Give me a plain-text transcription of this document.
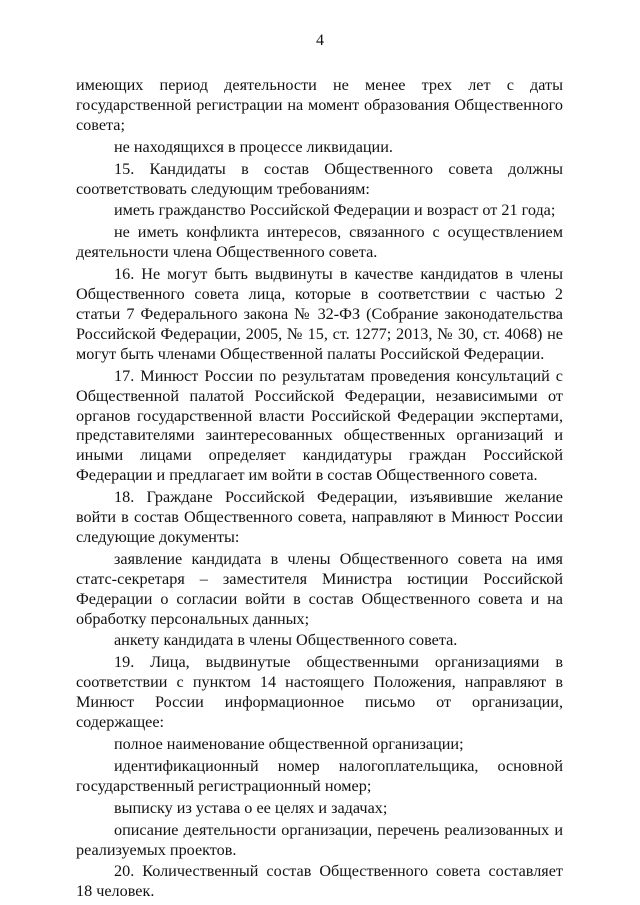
4

имеющих период деятельности не менее трех лет с даты государственной регистрации на момент образования Общественного совета;

не находящихся в процессе ликвидации.

15. Кандидаты в состав Общественного совета должны соответствовать следующим требованиям:

иметь гражданство Российской Федерации и возраст от 21 года;

не иметь конфликта интересов, связанного с осуществлением деятельности члена Общественного совета.

16. Не могут быть выдвинуты в качестве кандидатов в члены Общественного совета лица, которые в соответствии с частью 2 статьи 7 Федерального закона № 32-ФЗ (Собрание законодательства Российской Федерации, 2005, № 15, ст. 1277; 2013, № 30, ст. 4068) не могут быть членами Общественной палаты Российской Федерации.

17. Минюст России по результатам проведения консультаций с Общественной палатой Российской Федерации, независимыми от органов государственной власти Российской Федерации экспертами, представителями заинтересованных общественных организаций и иными лицами определяет кандидатуры граждан Российской Федерации и предлагает им войти в состав Общественного совета.

18. Граждане Российской Федерации, изъявившие желание войти в состав Общественного совета, направляют в Минюст России следующие документы:

заявление кандидата в члены Общественного совета на имя статс-секретаря – заместителя Министра юстиции Российской Федерации о согласии войти в состав Общественного совета и на обработку персональных данных;

анкету кандидата в члены Общественного совета.

19. Лица, выдвинутые общественными организациями в соответствии с пунктом 14 настоящего Положения, направляют в Минюст России информационное письмо от организации, содержащее:

полное наименование общественной организации;

идентификационный номер налогоплательщика, основной государственный регистрационный номер;

выписку из устава о ее целях и задачах;

описание деятельности организации, перечень реализованных и реализуемых проектов.

20. Количественный состав Общественного совета составляет 18 человек.
